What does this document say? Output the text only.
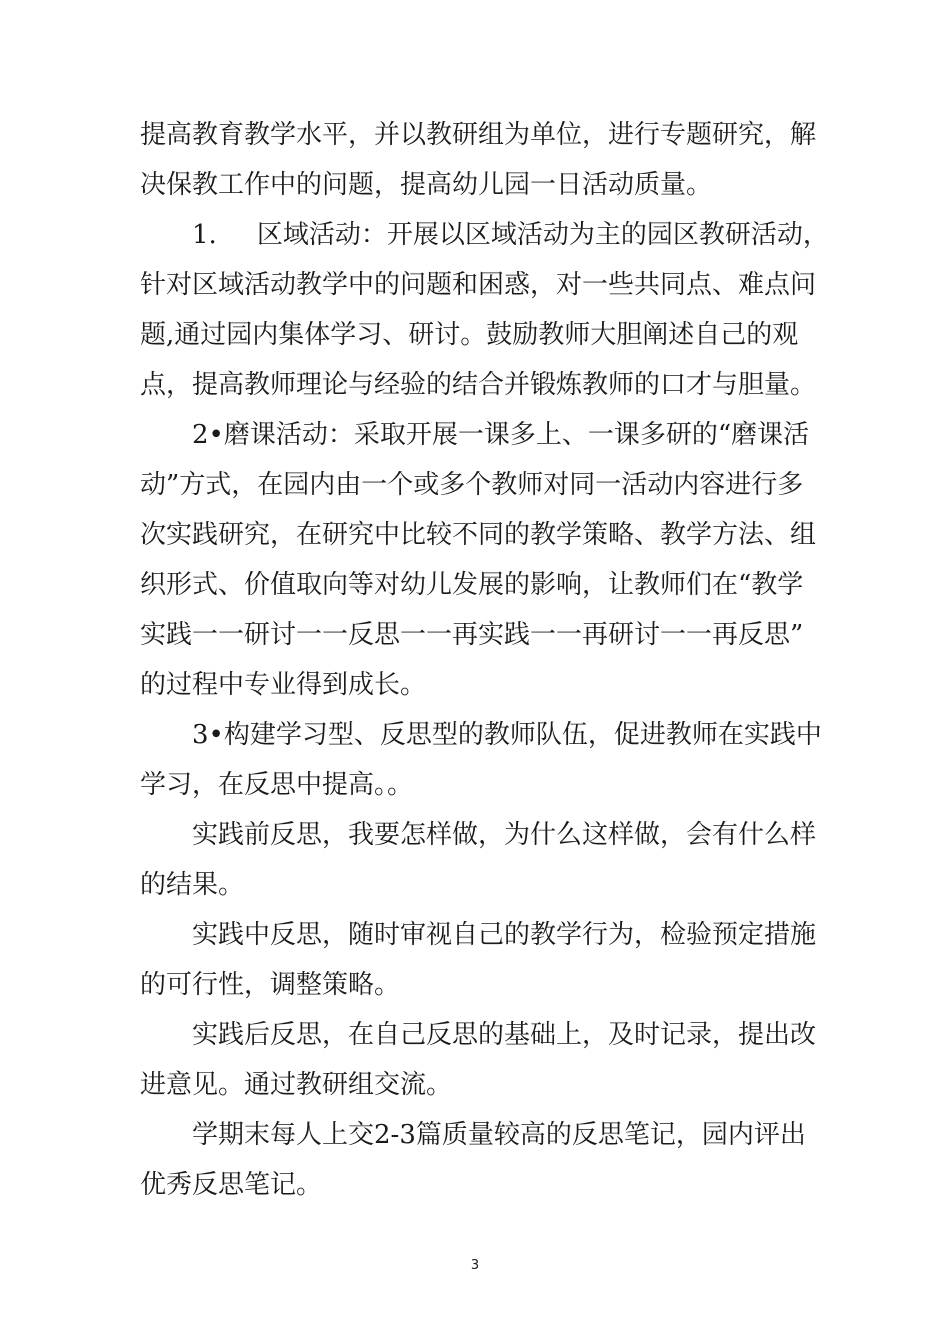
提高教育教学水平，并以教研组为单位，进行专题研究，解
决保教工作中的问题，提高幼儿园一日活动质量。
1. 区域活动：开展以区域活动为主的园区教研活动，
针对区域活动教学中的问题和困惑，对一些共同点、难点问
题,通过园内集体学习、研讨。鼓励教师大胆阐述自己的观
点，提高教师理论与经验的结合并锻炼教师的口才与胆量。
2•磨课活动：采取开展一课多上、一课多研的“磨课活
动”方式，在园内由一个或多个教师对同一活动内容进行多
次实践研究，在研究中比较不同的教学策略、教学方法、组
织形式、价值取向等对幼儿发展的影响，让教师们在“教学
实践一一研讨一一反思一一再实践一一再研讨一一再反思”
的过程中专业得到成长。
3•构建学习型、反思型的教师队伍，促进教师在实践中
学习，在反思中提高。。
实践前反思，我要怎样做，为什么这样做，会有什么样
的结果。
实践中反思，随时审视自己的教学行为，检验预定措施
的可行性，调整策略。
实践后反思，在自己反思的基础上，及时记录，提出改
进意见。通过教研组交流。
学期末每人上交2-3篇质量较高的反思笔记，园内评出
优秀反思笔记。
3
